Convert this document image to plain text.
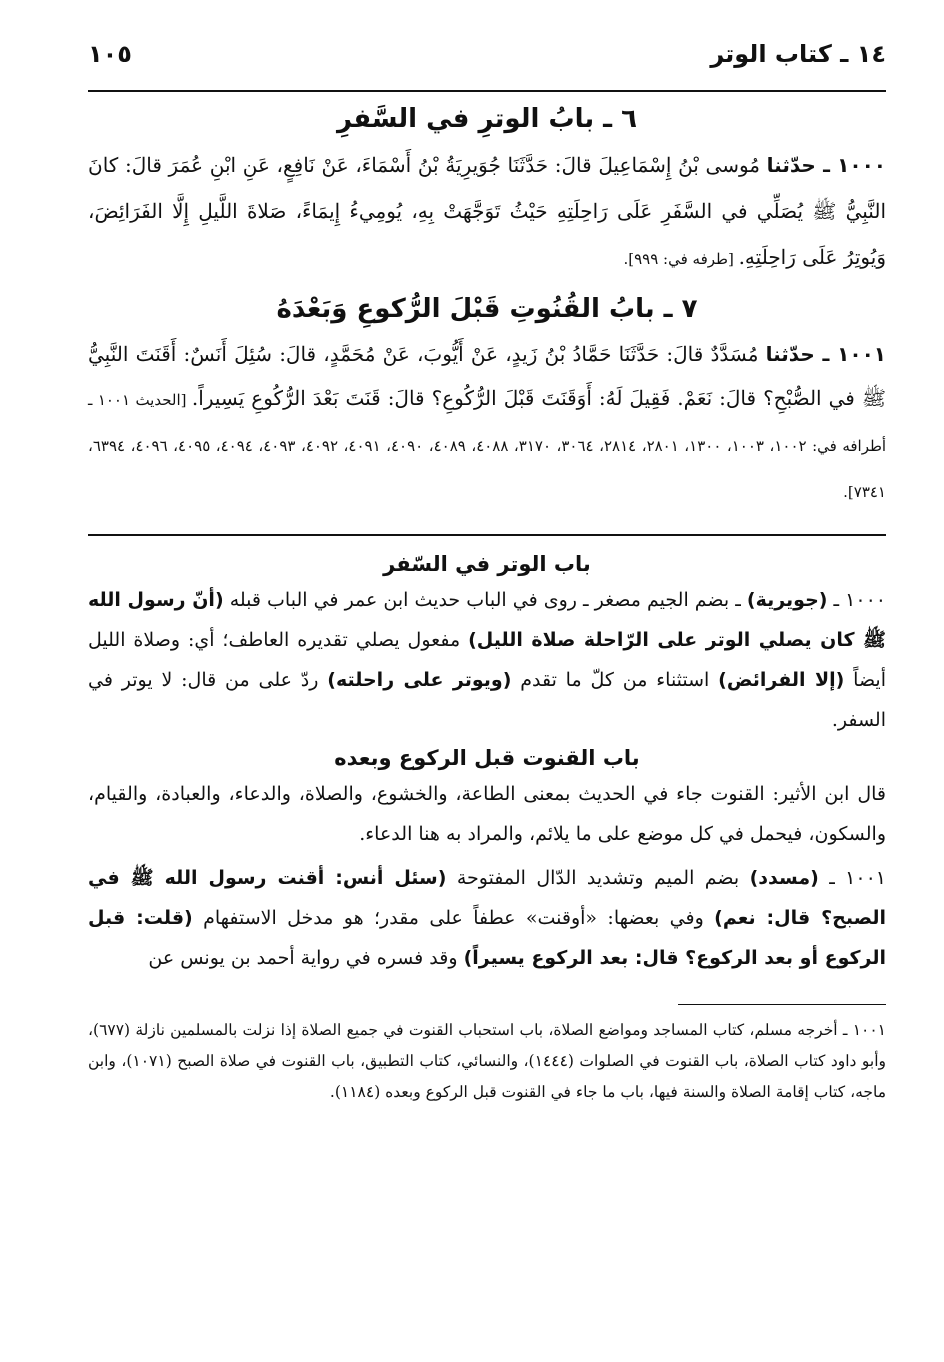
١٤ ـ كتاب الوتر
١٠٥
٦ ـ بابُ الوترِ في السَّفرِ

١٠٠٠ ـ حدّثنا مُوسى بْنُ إِسْمَاعِيلَ قالَ: حَدَّثَنَا جُوَيرِيَةُ بْنُ أَسْمَاءَ، عَنْ نَافِعٍ، عَنِ ابْنِ عُمَرَ قالَ: كانَ النَّبِيُّ ﷺ يُصَلِّي في السَّفَرِ عَلَى رَاحِلَتِهِ حَيْثُ تَوَجَّهَتْ بِهِ، يُومِيءُ إِيمَاءً، صَلاةَ اللَّيلِ إِلَّا الفَرَائِضَ، وَيُوتِرُ عَلَى رَاحِلَتِهِ. [طرفه في: ٩٩٩].

٧ ـ بابُ القُنُوتِ قَبْلَ الرُّكوعِ وَبَعْدَهُ

١٠٠١ ـ حدّثنا مُسَدَّدٌ قالَ: حَدَّثَنَا حَمَّادُ بْنُ زَيدٍ، عَنْ أَيُّوبَ، عَنْ مُحَمَّدٍ، قالَ: سُئِلَ أَنَسٌ: أَقَنَتَ النَّبِيُّ ﷺ في الصُّبْحِ؟ قالَ: نَعَمْ. فَقِيلَ لَهُ: أَوَقَنَتَ قَبْلَ الرُّكُوعِ؟ قالَ: قَنَتَ بَعْدَ الرُّكُوعِ يَسِيراً. [الحديث ١٠٠١ ـ أطرافه في: ١٠٠٢، ١٠٠٣، ١٣٠٠، ٢٨٠١، ٢٨١٤، ٣٠٦٤، ٣١٧٠، ٤٠٨٨، ٤٠٨٩، ٤٠٩٠، ٤٠٩١، ٤٠٩٢، ٤٠٩٣، ٤٠٩٤، ٤٠٩٥، ٤٠٩٦، ٦٣٩٤، ٧٣٤١].

باب الوتر في السّفر

١٠٠٠ ـ (جويرية) ـ بضم الجيم مصغر ـ روى في الباب حديث ابن عمر في الباب قبله (أنّ رسول الله ﷺ كان يصلي الوتر على الرّاحلة صلاة الليل) مفعول يصلي تقديره العاطف؛ أي: وصلاة الليل أيضاً (إلا الفرائض) استثناء من كلّ ما تقدم (ويوتر على راحلته) ردّ على من قال: لا يوتر في السفر.

باب القنوت قبل الركوع وبعده

قال ابن الأثير: القنوت جاء في الحديث بمعنى الطاعة، والخشوع، والصلاة، والدعاء، والعبادة، والقيام، والسكون، فيحمل في كل موضع على ما يلائم، والمراد به هنا الدعاء.

١٠٠١ ـ (مسدد) بضم الميم وتشديد الدّال المفتوحة (سئل أنس: أقنت رسول الله ﷺ في الصبح؟ قال: نعم) وفي بعضها: «أوقنت» عطفاً على مقدر؛ هو مدخل الاستفهام (قلت: قبل الركوع أو بعد الركوع؟ قال: بعد الركوع يسيراً) وقد فسره في رواية أحمد بن يونس عن

١٠٠١ ـ أخرجه مسلم، كتاب المساجد ومواضع الصلاة، باب استحباب القنوت في جميع الصلاة إذا نزلت بالمسلمين نازلة (٦٧٧)، وأبو داود كتاب الصلاة، باب القنوت في الصلوات (١٤٤٤)، والنسائي، كتاب التطبيق، باب القنوت في صلاة الصبح (١٠٧١)، وابن ماجه، كتاب إقامة الصلاة والسنة فيها، باب ما جاء في القنوت قبل الركوع وبعده (١١٨٤).
